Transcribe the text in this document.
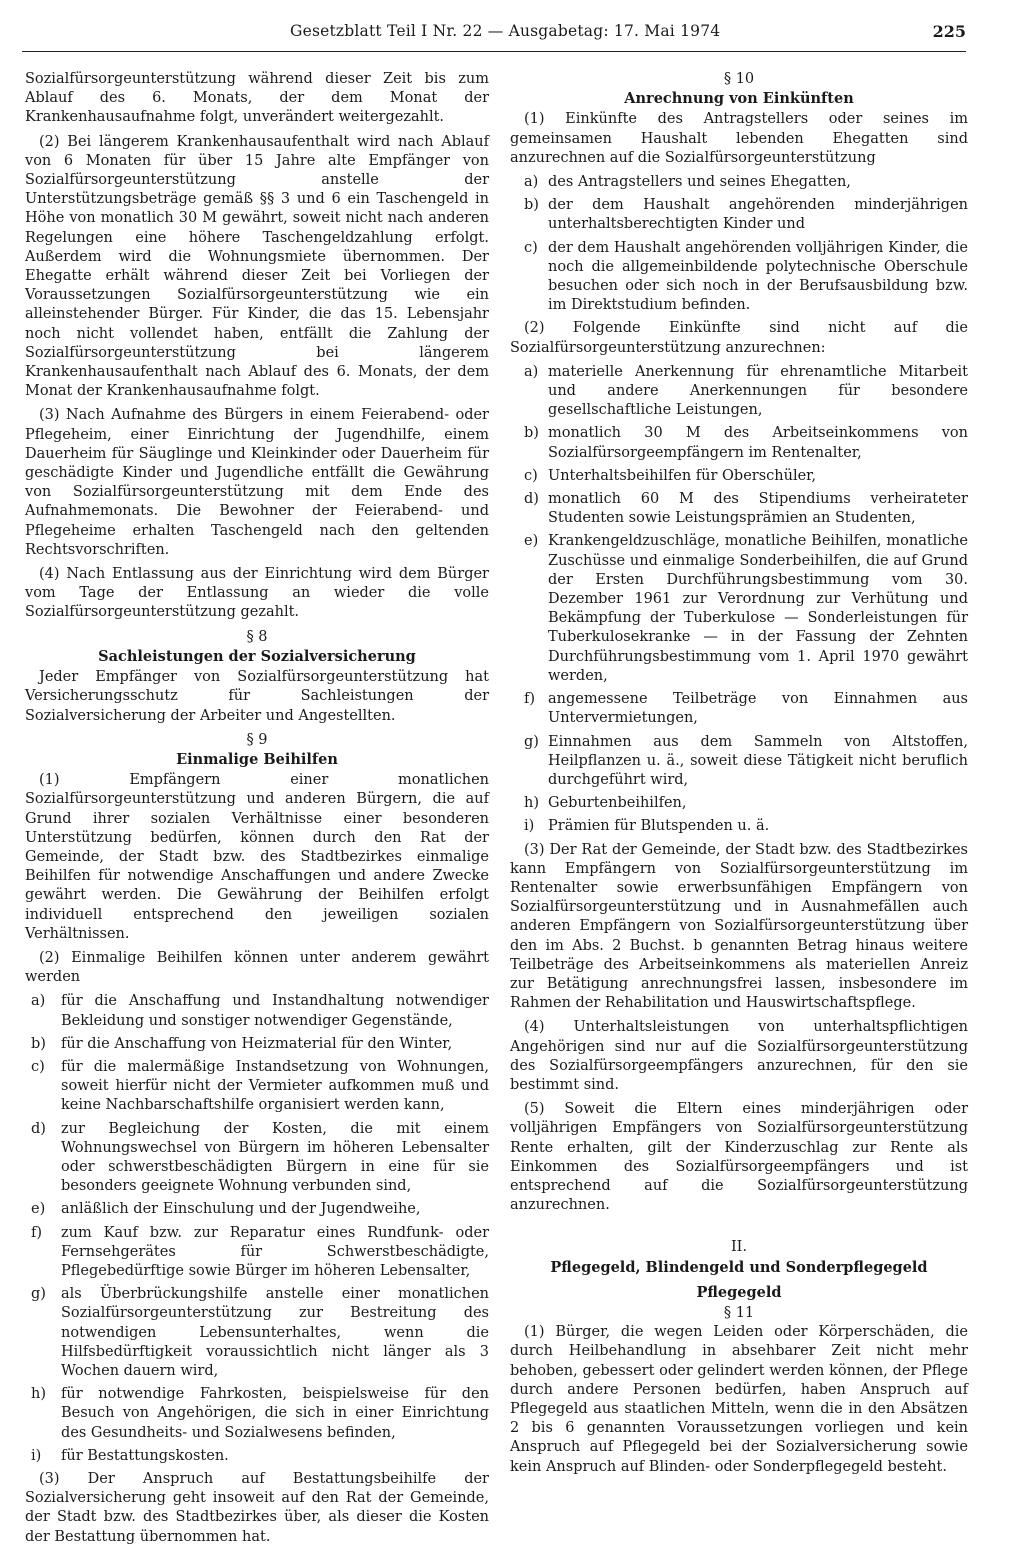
Gesetzblatt Teil I Nr. 22 — Ausgabetag: 17. Mai 1974	225

Sozialfürsorgeunterstützung während dieser Zeit bis zum Ablauf des 6. Monats, der dem Monat der Krankenhausaufnahme folgt, unverändert weitergezahlt.

(2) Bei längerem Krankenhausaufenthalt wird nach Ablauf von 6 Monaten für über 15 Jahre alte Empfänger von Sozialfürsorgeunterstützung anstelle der Unterstützungsbeträge gemäß §§ 3 und 6 ein Taschengeld in Höhe von monatlich 30 M gewährt, soweit nicht nach anderen Regelungen eine höhere Taschengeldzahlung erfolgt. Außerdem wird die Wohnungsmiete übernommen. Der Ehegatte erhält während dieser Zeit bei Vorliegen der Voraussetzungen Sozialfürsorgeunterstützung wie ein alleinstehender Bürger. Für Kinder, die das 15. Lebensjahr noch nicht vollendet haben, entfällt die Zahlung der Sozialfürsorgeunterstützung bei längerem Krankenhausaufenthalt nach Ablauf des 6. Monats, der dem Monat der Krankenhausaufnahme folgt.

(3) Nach Aufnahme des Bürgers in einem Feierabend- oder Pflegeheim, einer Einrichtung der Jugendhilfe, einem Dauerheim für Säuglinge und Kleinkinder oder Dauerheim für geschädigte Kinder und Jugendliche entfällt die Gewährung von Sozialfürsorgeunterstützung mit dem Ende des Aufnahmemonats. Die Bewohner der Feierabend- und Pflegeheime erhalten Taschengeld nach den geltenden Rechtsvorschriften.

(4) Nach Entlassung aus der Einrichtung wird dem Bürger vom Tage der Entlassung an wieder die volle Sozialfürsorgeunterstützung gezahlt.

§ 8

Sachleistungen der Sozialversicherung

Jeder Empfänger von Sozialfürsorgeunterstützung hat Versicherungsschutz für Sachleistungen der Sozialversicherung der Arbeiter und Angestellten.

§ 9

Einmalige Beihilfen

(1) Empfängern einer monatlichen Sozialfürsorgeunterstützung und anderen Bürgern, die auf Grund ihrer sozialen Verhältnisse einer besonderen Unterstützung bedürfen, können durch den Rat der Gemeinde, der Stadt bzw. des Stadtbezirkes einmalige Beihilfen für notwendige Anschaffungen und andere Zwecke gewährt werden. Die Gewährung der Beihilfen erfolgt individuell entsprechend den jeweiligen sozialen Verhältnissen.

(2) Einmalige Beihilfen können unter anderem gewährt werden

a)	für die Anschaffung und Instandhaltung notwendiger Bekleidung und sonstiger notwendiger Gegenstände,
b)	für die Anschaffung von Heizmaterial für den Winter,
c)	für die malermäßige Instandsetzung von Wohnungen, soweit hierfür nicht der Vermieter aufkommen muß und keine Nachbarschaftshilfe organisiert werden kann,
d)	zur Begleichung der Kosten, die mit einem Wohnungswechsel von Bürgern im höheren Lebensalter oder schwerstbeschädigten Bürgern in eine für sie besonders geeignete Wohnung verbunden sind,
e)	anläßlich der Einschulung und der Jugendweihe,
f)	zum Kauf bzw. zur Reparatur eines Rundfunk- oder Fernsehgerätes für Schwerstbeschädigte, Pflegebedürftige sowie Bürger im höheren Lebensalter,
g)	als Überbrückungshilfe anstelle einer monatlichen Sozialfürsorgeunterstützung zur Bestreitung des notwendigen Lebensunterhaltes, wenn die Hilfsbedürftigkeit voraussichtlich nicht länger als 3 Wochen dauern wird,
h)	für notwendige Fahrkosten, beispielsweise für den Besuch von Angehörigen, die sich in einer Einrichtung des Gesundheits- und Sozialwesens befinden,
i)	für Bestattungskosten.

(3) Der Anspruch auf Bestattungsbeihilfe der Sozialversicherung geht insoweit auf den Rat der Gemeinde, der Stadt bzw. des Stadtbezirkes über, als dieser die Kosten der Bestattung übernommen hat.

§ 10

Anrechnung von Einkünften

(1) Einkünfte des Antragstellers oder seines im gemeinsamen Haushalt lebenden Ehegatten sind anzurechnen auf die Sozialfürsorgeunterstützung

a) des Antragstellers und seines Ehegatten,
b) der dem Haushalt angehörenden minderjährigen unterhaltsberechtigten Kinder und
c) der dem Haushalt angehörenden volljährigen Kinder, die noch die allgemeinbildende polytechnische Oberschule besuchen oder sich noch in der Berufsausbildung bzw. im Direktstudium befinden.

(2) Folgende Einkünfte sind nicht auf die Sozialfürsorgeunterstützung anzurechnen:

a) materielle Anerkennung für ehrenamtliche Mitarbeit und andere Anerkennungen für besondere gesellschaftliche Leistungen,
b) monatlich 30 M des Arbeitseinkommens von Sozialfürsorgeempfängern im Rentenalter,
c) Unterhaltsbeihilfen für Oberschüler,
d) monatlich 60 M des Stipendiums verheirateter Studenten sowie Leistungsprämien an Studenten,
e) Krankengeldzuschläge, monatliche Beihilfen, monatliche Zuschüsse und einmalige Sonderbeihilfen, die auf Grund der Ersten Durchführungsbestimmung vom 30. Dezember 1961 zur Verordnung zur Verhütung und Bekämpfung der Tuberkulose — Sonderleistungen für Tuberkulosekranke — in der Fassung der Zehnten Durchführungsbestimmung vom 1. April 1970 gewährt werden,
f) angemessene Teilbeträge von Einnahmen aus Untervermietungen,
g) Einnahmen aus dem Sammeln von Altstoffen, Heilpflanzen u. ä., soweit diese Tätigkeit nicht beruflich durchgeführt wird,
h) Geburtenbeihilfen,
i) Prämien für Blutspenden u. ä.

(3) Der Rat der Gemeinde, der Stadt bzw. des Stadtbezirkes kann Empfängern von Sozialfürsorgeunterstützung im Rentenalter sowie erwerbsunfähigen Empfängern von Sozialfürsorgeunterstützung und in Ausnahmefällen auch anderen Empfängern von Sozialfürsorgeunterstützung über den im Abs. 2 Buchst. b genannten Betrag hinaus weitere Teilbeträge des Arbeitseinkommens als materiellen Anreiz zur Betätigung anrechnungsfrei lassen, insbesondere im Rahmen der Rehabilitation und Hauswirtschaftspflege.

(4) Unterhaltsleistungen von unterhaltspflichtigen Angehörigen sind nur auf die Sozialfürsorgeunterstützung des Sozialfürsorgeempfängers anzurechnen, für den sie bestimmt sind.

(5) Soweit die Eltern eines minderjährigen oder volljährigen Empfängers von Sozialfürsorgeunterstützung Rente erhalten, gilt der Kinderzuschlag zur Rente als Einkommen des Sozialfürsorgeempfängers und ist entsprechend auf die Sozialfürsorgeunterstützung anzurechnen.

II.

Pflegegeld, Blindengeld und Sonderpflegegeld

Pflegegeld

§ 11

(1) Bürger, die wegen Leiden oder Körperschäden, die durch Heilbehandlung in absehbarer Zeit nicht mehr behoben, gebessert oder gelindert werden können, der Pflege durch andere Personen bedürfen, haben Anspruch auf Pflegegeld aus staatlichen Mitteln, wenn die in den Absätzen 2 bis 6 genannten Voraussetzungen vorliegen und kein Anspruch auf Pflegegeld bei der Sozialversicherung sowie kein Anspruch auf Blinden- oder Sonderpflegegeld besteht.
